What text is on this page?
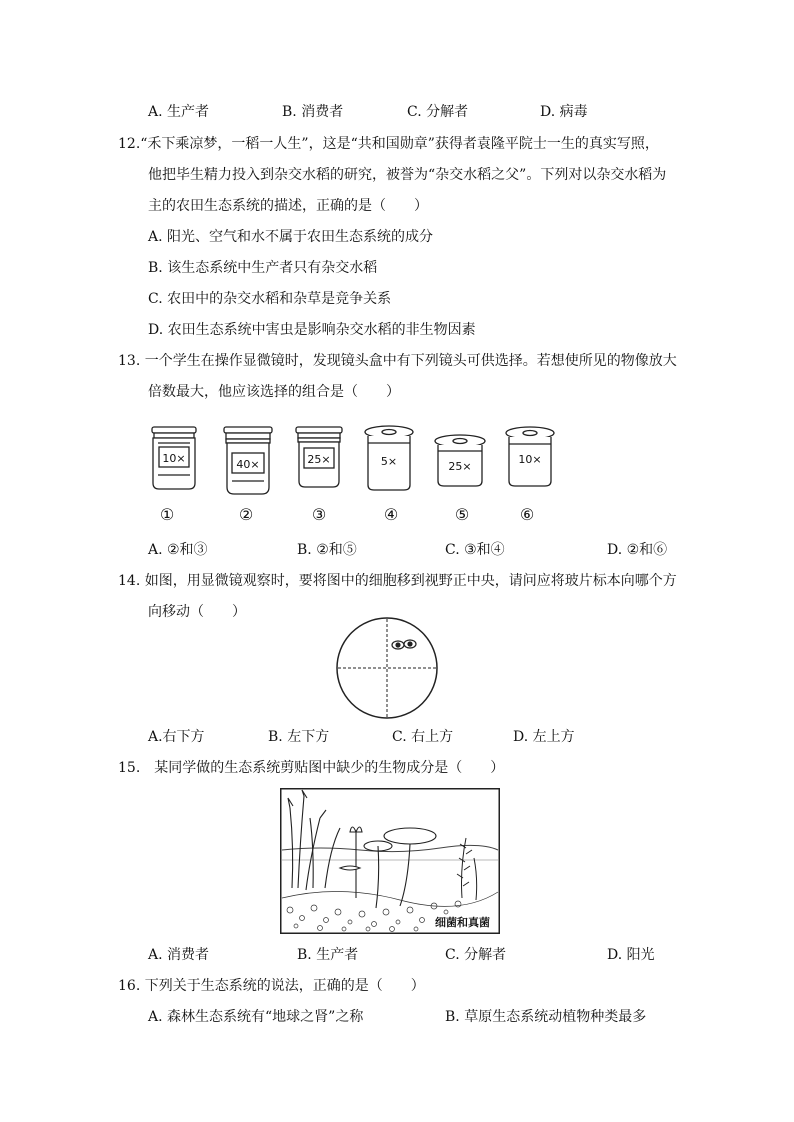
A. 生产者	B. 消费者	C. 分解者	D. 病毒
12.“禾下乘凉梦，一稻一人生”，这是“共和国勋章”获得者袁隆平院士一生的真实写照，
他把毕生精力投入到杂交水稻的研究，被誉为“杂交水稻之父”。下列对以杂交水稻为
主的农田生态系统的描述，正确的是（　　）
A. 阳光、空气和水不属于农田生态系统的成分
B. 该生态系统中生产者只有杂交水稻
C. 农田中的杂交水稻和杂草是竞争关系
D. 农田生态系统中害虫是影响杂交水稻的非生物因素
13. 一个学生在操作显微镜时，发现镜头盒中有下列镜头可供选择。若想使所见的物像放大
倍数最大，他应该选择的组合是（　　）
10×	40×	25×	5×	25×
10×
①	②	③	④	⑤	⑥
A. ②和③	B. ②和⑤	C. ③和④	D. ②和⑥
14. 如图，用显微镜观察时，要将图中的细胞移到视野正中央，请问应将玻片标本向哪个方
向移动（　　）
A.右下方	B. 左下方	C. 右上方	D. 左上方
15.　某同学做的生态系统剪贴图中缺少的生物成分是（　　）
细菌和真菌
A. 消费者	B. 生产者	C. 分解者	D. 阳光
16. 下列关于生态系统的说法，正确的是（　　）
A. 森林生态系统有“地球之肾”之称	B. 草原生态系统动植物种类最多
